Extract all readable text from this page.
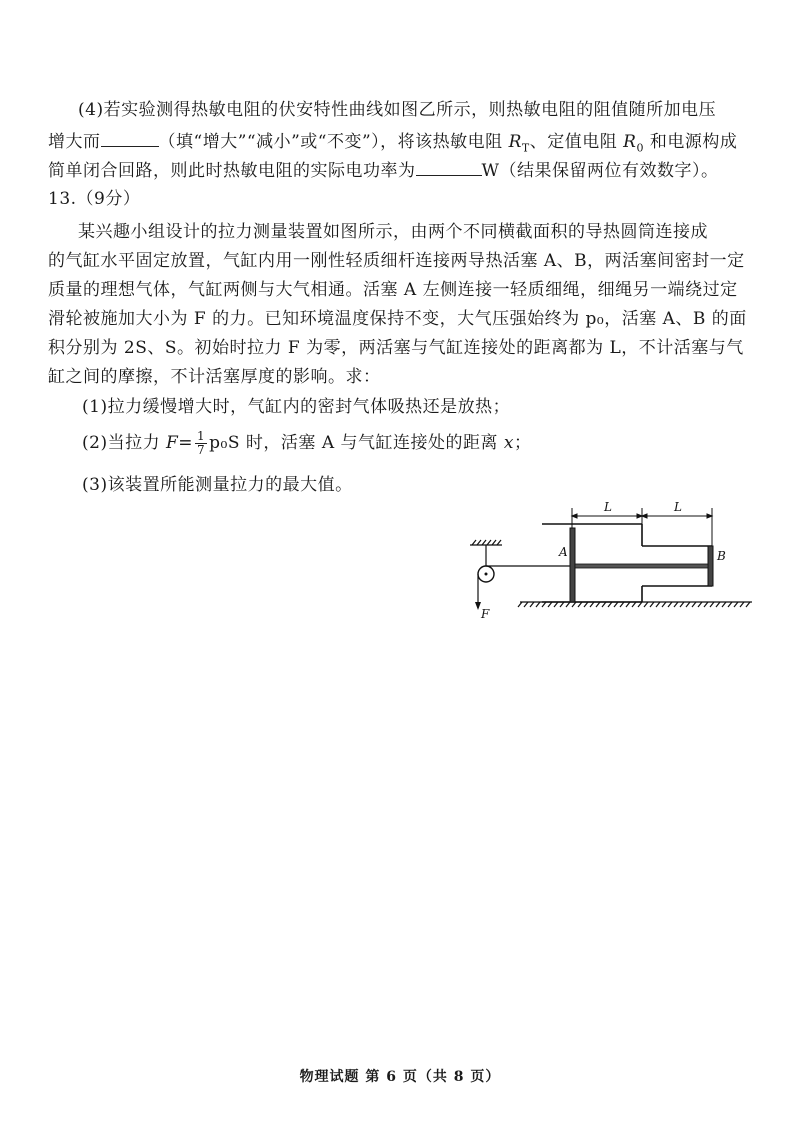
(4)若实验测得热敏电阻的伏安特性曲线如图乙所示，则热敏电阻的阻值随所加电压
增大而	（填“增大”“减小”或“不变”），将该热敏电阻 $R_T$、定值电阻 $R_0$ 和电源构成
简单闭合回路，则此时热敏电阻的实际电功率为	W（结果保留两位有效数字）。
13.（9分）
某兴趣小组设计的拉力测量装置如图所示，由两个不同横截面积的导热圆筒连接成
的气缸水平固定放置，气缸内用一刚性轻质细杆连接两导热活塞 A、B，两活塞间密封一定
质量的理想气体，气缸两侧与大气相通。活塞 A 左侧连接一轻质细绳，细绳另一端绕过定
滑轮被施加大小为 F 的力。已知环境温度保持不变，大气压强始终为 p₀，活塞 A、B 的面
积分别为 2S、S。初始时拉力 F 为零，两活塞与气缸连接处的距离都为 L，不计活塞与气
缸之间的摩擦，不计活塞厚度的影响。求：
(1)拉力缓慢增大时，气缸内的密封气体吸热还是放热；
(2)当拉力 $F= \frac{1}{7} p_0S$ 时，活塞 A 与气缸连接处的距离 x；
(3)该装置所能测量拉力的最大值。
F
L	L
A	B
物理试题 第 6 页（共 8 页）
